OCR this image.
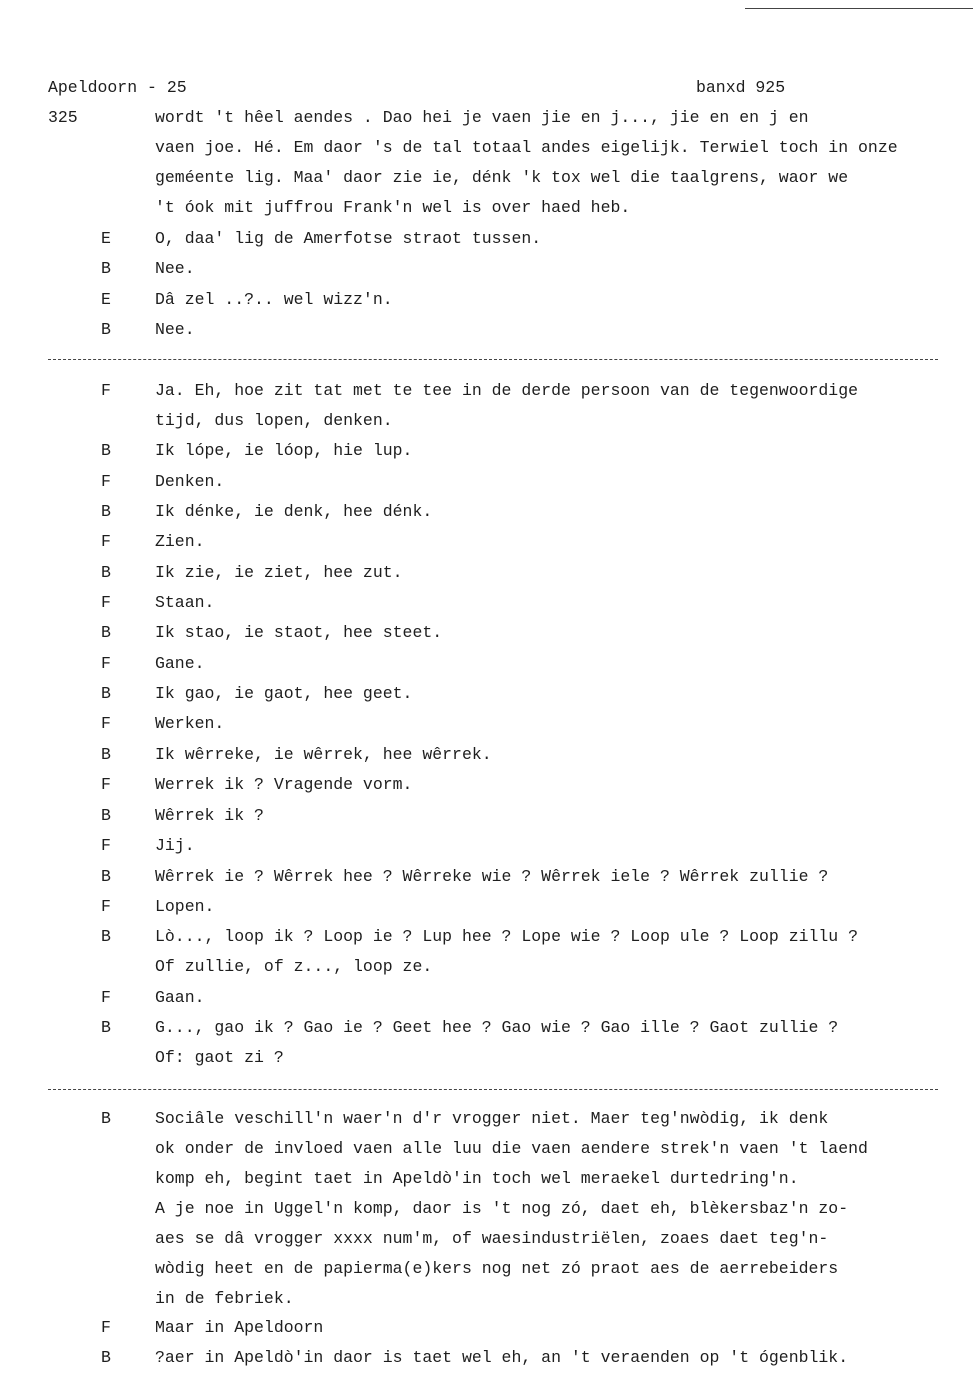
Apeldoorn - 25	banxd 925
325	wordt 't hêel aendes . Dao hei je vaen jie en j..., jie en en j en
vaen joe. Hé. Em daor 's de tal totaal andes eigelijk. Terwiel toch in onze
geméente lig. Maa' daor zie ie, dénk 'k tox wel die taalgrens, waor we
't óok mit juffrou Frank'n wel is over haed heb.
E	O, daa' lig de Amerfotse straot tussen.
B	Nee.
E	Dâ zel ..?.. wel wizz'n.
B	Nee.
F	Ja. Eh, hoe zit tat met te tee in de derde persoon van de tegenwoordige
tijd, dus lopen, denken.
B	Ik lópe, ie lóop, hie lup.
F	Denken.
B	Ik dénke, ie denk, hee dénk.
F	Zien.
B	Ik zie, ie ziet, hee zut.
F	Staan.
B	Ik stao, ie staot, hee steet.
F	Gane.
B	Ik gao, ie gaot, hee geet.
F	Werken.
B	Ik wêrreke, ie wêrrek, hee wêrrek.
F	Werrek ik ? Vragende vorm.
B	Wêrrek ik ?
F	Jij.
B	Wêrrek ie ? Wêrrek hee ? Wêrreke wie ? Wêrrek iele ? Wêrrek zullie ?
F	Lopen.
B	Lò..., loop ik ? Loop ie ? Lup hee ? Lope wie ? Loop ule ? Loop zillu ?
Of zullie, of z..., loop ze.
F	Gaan.
B	G..., gao ik ? Gao ie ? Geet hee ? Gao wie ? Gao ille ? Gaot zullie ?
Of: gaot zi ?
B	Sociâle veschill'n waer'n d'r vrogger niet. Maer teg'nwòdig, ik denk
ok onder de invloed vaen alle luu die vaen aendere strek'n vaen 't laend
komp eh, begint taet in Apeldò'in toch wel meraekel durtedring'n.
A je noe in Uggel'n komp, daor is 't nog zó, daet eh, blèkersbaz'n zo-
aes se dâ vrogger xxxx num'm, of waesindustriëlen, zoaes daet teg'n-
wòdig heet en de papierma(e)kers nog net zó praot aes de aerrebeiders
in de febriek.
F	Maar in Apeldoorn
B	?aer in Apeldò'in daor is taet wel eh, an 't veraenden op 't ógenblik.
